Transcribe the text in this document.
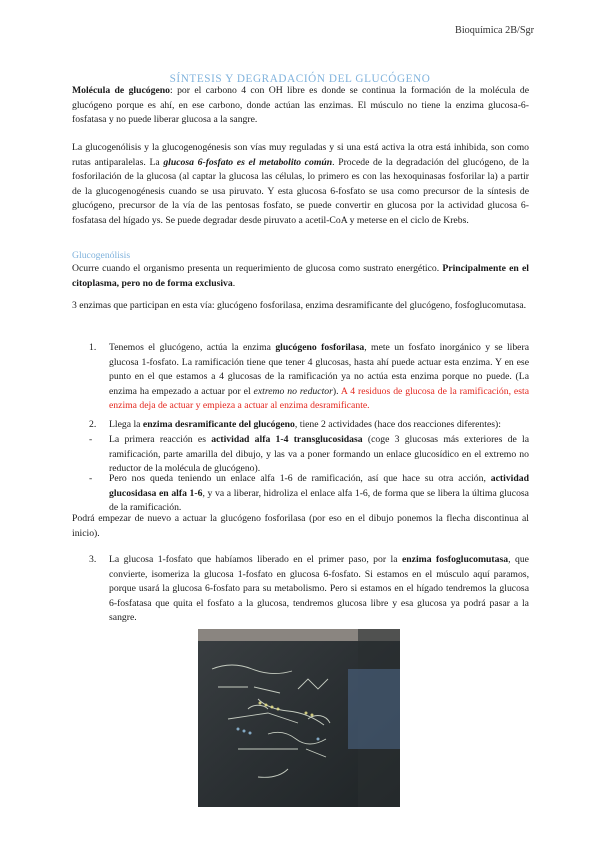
Bioquímica 2B/Sgr
SÍNTESIS Y DEGRADACIÓN DEL GLUCÓGENO
Molécula de glucógeno: por el carbono 4 con OH libre es donde se continua la formación de la molécula de glucógeno porque es ahí, en ese carbono, donde actúan las enzimas. El músculo no tiene la enzima glucosa-6-fosfatasa y no puede liberar glucosa a la sangre.
La glucogenólisis y la glucogenogénesis son vías muy reguladas y si una está activa la otra está inhibida, son como rutas antiparalelas. La glucosa 6-fosfato es el metabolito común. Procede de la degradación del glucógeno, de la fosforilación de la glucosa (al captar la glucosa las células, lo primero es con las hexoquinasas fosforilar la) a partir de la glucogenogénesis cuando se usa piruvato. Y esta glucosa 6-fosfato se usa como precursor de la síntesis de glucógeno, precursor de la vía de las pentosas fosfato, se puede convertir en glucosa por la actividad glucosa 6-fosfatasa del hígado ys. Se puede degradar desde piruvato a acetil-CoA y meterse en el ciclo de Krebs.
Glucogenólisis
Ocurre cuando el organismo presenta un requerimiento de glucosa como sustrato energético. Principalmente en el citoplasma, pero no de forma exclusiva.
3 enzimas que participan en esta vía: glucógeno fosforilasa, enzima desramificante del glucógeno, fosfoglucomutasa.
1. Tenemos el glucógeno, actúa la enzima glucógeno fosforilasa, mete un fosfato inorgánico y se libera glucosa 1-fosfato. La ramificación tiene que tener 4 glucosas, hasta ahí puede actuar esta enzima. Y en ese punto en el que estamos a 4 glucosas de la ramificación ya no actúa esta enzima porque no puede. (La enzima ha empezado a actuar por el extremo no reductor). A 4 residuos de glucosa de la ramificación, esta enzima deja de actuar y empieza a actuar al enzima desramificante.
2. Llega la enzima desramificante del glucógeno, tiene 2 actividades (hace dos reacciones diferentes):
- La primera reacción es actividad alfa 1-4 transglucosidasa (coge 3 glucosas más exteriores de la ramificación, parte amarilla del dibujo, y las va a poner formando un enlace glucosídico en el extremo no reductor de la molécula de glucógeno).
- Pero nos queda teniendo un enlace alfa 1-6 de ramificación, así que hace su otra acción, actividad glucosidasa en alfa 1-6, y va a liberar, hidroliza el enlace alfa 1-6, de forma que se libera la última glucosa de la ramificación.
Podrá empezar de nuevo a actuar la glucógeno fosforilasa (por eso en el dibujo ponemos la flecha discontinua al inicio).
3. La glucosa 1-fosfato que habíamos liberado en el primer paso, por la enzima fosfoglucomutasa, que convierte, isomeriza la glucosa 1-fosfato en glucosa 6-fosfato. Si estamos en el músculo aquí paramos, porque usará la glucosa 6-fosfato para su metabolismo. Pero si estamos en el hígado tendremos la glucosa 6-fosfatasa que quita el fosfato a la glucosa, tendremos glucosa libre y esa glucosa ya podrá pasar a la sangre.
